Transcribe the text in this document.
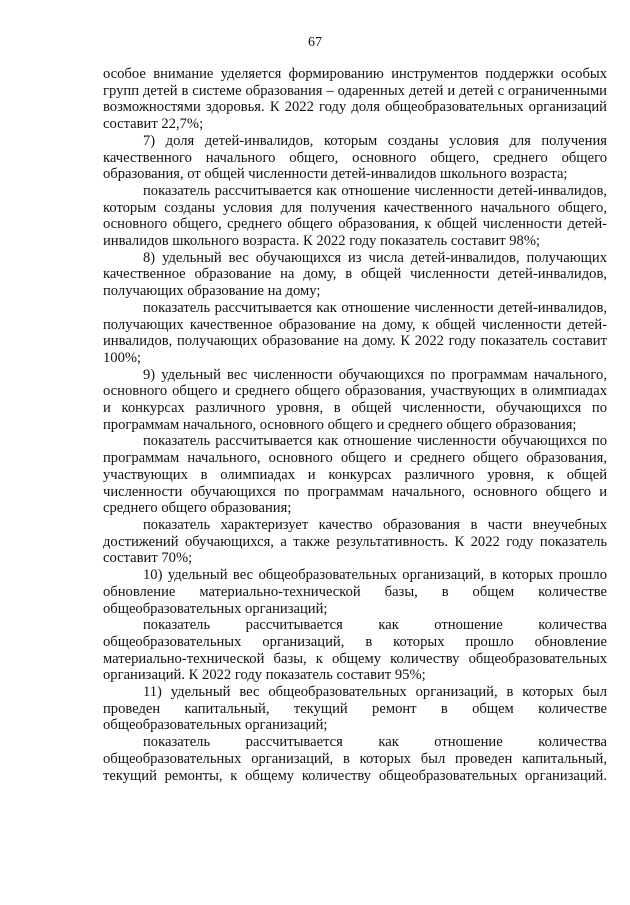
67

особое внимание уделяется формированию инструментов поддержки особых групп детей в системе образования – одаренных детей и детей с ограниченными возможностями здоровья. К 2022 году доля общеобразовательных организаций составит 22,7%;

7) доля детей-инвалидов, которым созданы условия для получения качественного начального общего, основного общего, среднего общего образования, от общей численности детей-инвалидов школьного возраста;

показатель рассчитывается как отношение численности детей-инвалидов, которым созданы условия для получения качественного начального общего, основного общего, среднего общего образования, к общей численности детей-инвалидов школьного возраста. К 2022 году показатель составит 98%;

8) удельный вес обучающихся из числа детей-инвалидов, получающих качественное образование на дому, в общей численности детей-инвалидов, получающих образование на дому;

показатель рассчитывается как отношение численности детей-инвалидов, получающих качественное образование на дому, к общей численности детей-инвалидов, получающих образование на дому. К 2022 году показатель составит 100%;

9) удельный вес численности обучающихся по программам начального, основного общего и среднего общего образования, участвующих в олимпиадах и конкурсах различного уровня, в общей численности, обучающихся по программам начального, основного общего и среднего общего образования;

показатель рассчитывается как отношение численности обучающихся по программам начального, основного общего и среднего общего образования, участвующих в олимпиадах и конкурсах различного уровня, к общей численности обучающихся по программам начального, основного общего и среднего общего образования;

показатель характеризует качество образования в части внеучебных достижений обучающихся, а также результативность. К 2022 году показатель составит 70%;

10) удельный вес общеобразовательных организаций, в которых прошло обновление материально-технической базы, в общем количестве общеобразовательных организаций;

показатель рассчитывается как отношение количества общеобразовательных организаций, в которых прошло обновление материально-технической базы, к общему количеству общеобразовательных организаций. К 2022 году показатель составит 95%;

11) удельный вес общеобразовательных организаций, в которых был проведен капитальный, текущий ремонт в общем количестве общеобразовательных организаций;

показатель рассчитывается как отношение количества общеобразовательных организаций, в которых был проведен капитальный, текущий ремонты, к общему количеству общеобразовательных организаций.
